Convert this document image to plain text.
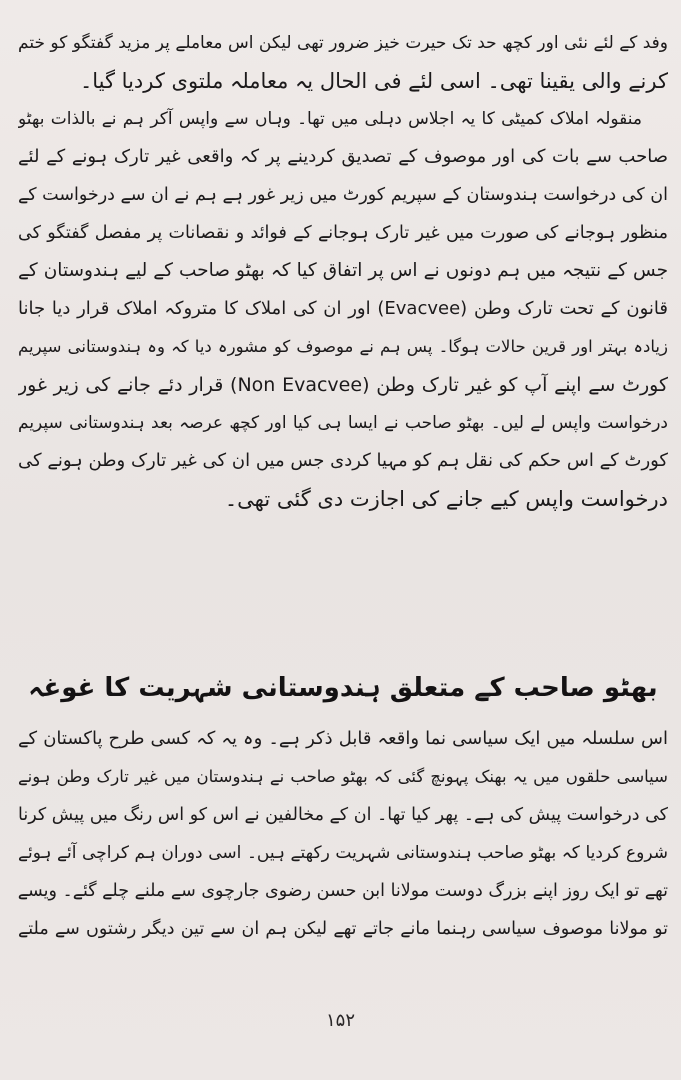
وفد کے لئے نئی اور کچھ حد تک حیرت خیز ضرور تھی لیکن اس معاملے پر مزید گفتگو کو ختم
کرنے والی یقینا تھی۔ اسی لئے فی الحال یہ معاملہ ملتوی کردیا گیا۔
منقولہ املاک کمیٹی کا یہ اجلاس دہلی میں تھا۔ وہاں سے واپس آکر ہم نے بالذات بھٹو
صاحب سے بات کی اور موصوف کے تصدیق کردینے پر کہ واقعی غیر تارک ہونے کے لئے
ان کی درخواست ہندوستان کے سپریم کورٹ میں زیر غور ہے ہم نے ان سے درخواست کے
منظور ہوجانے کی صورت میں غیر تارک ہوجانے کے فوائد و نقصانات پر مفصل گفتگو کی
جس کے نتیجہ میں ہم دونوں نے اس پر اتفاق کیا کہ بھٹو صاحب کے لیے ہندوستان کے
قانون کے تحت تارک وطن (Evacvee) اور ان کی املاک کا متروکہ املاک قرار دیا جانا
زیادہ بہتر اور قرین حالات ہوگا۔ پس ہم نے موصوف کو مشورہ دیا کہ وہ ہندوستانی سپریم
کورٹ سے اپنے آپ کو غیر تارک وطن (Non Evacvee) قرار دئے جانے کی زیر غور
درخواست واپس لے لیں۔ بھٹو صاحب نے ایسا ہی کیا اور کچھ عرصہ بعد ہندوستانی سپریم
کورٹ کے اس حکم کی نقل ہم کو مہیا کردی جس میں ان کی غیر تارک وطن ہونے کی
درخواست واپس کیے جانے کی اجازت دی گئی تھی۔
بھٹو صاحب کے متعلق ہندوستانی شہریت کا غوغہ
اس سلسلہ میں ایک سیاسی نما واقعہ قابل ذکر ہے۔ وہ یہ کہ کسی طرح پاکستان کے
سیاسی حلقوں میں یہ بھنک پہونچ گئی کہ بھٹو صاحب نے ہندوستان میں غیر تارک وطن ہونے
کی درخواست پیش کی ہے۔ پھر کیا تھا۔ ان کے مخالفین نے اس کو اس رنگ میں پیش کرنا
شروع کردیا کہ بھٹو صاحب ہندوستانی شہریت رکھتے ہیں۔ اسی دوران ہم کراچی آئے ہوئے
تھے تو ایک روز اپنے بزرگ دوست مولانا ابن حسن رضوی جارچوی سے ملنے چلے گئے۔ ویسے
تو مولانا موصوف سیاسی رہنما مانے جاتے تھے لیکن ہم ان سے تین دیگر رشتوں سے ملتے
۱۵۲
